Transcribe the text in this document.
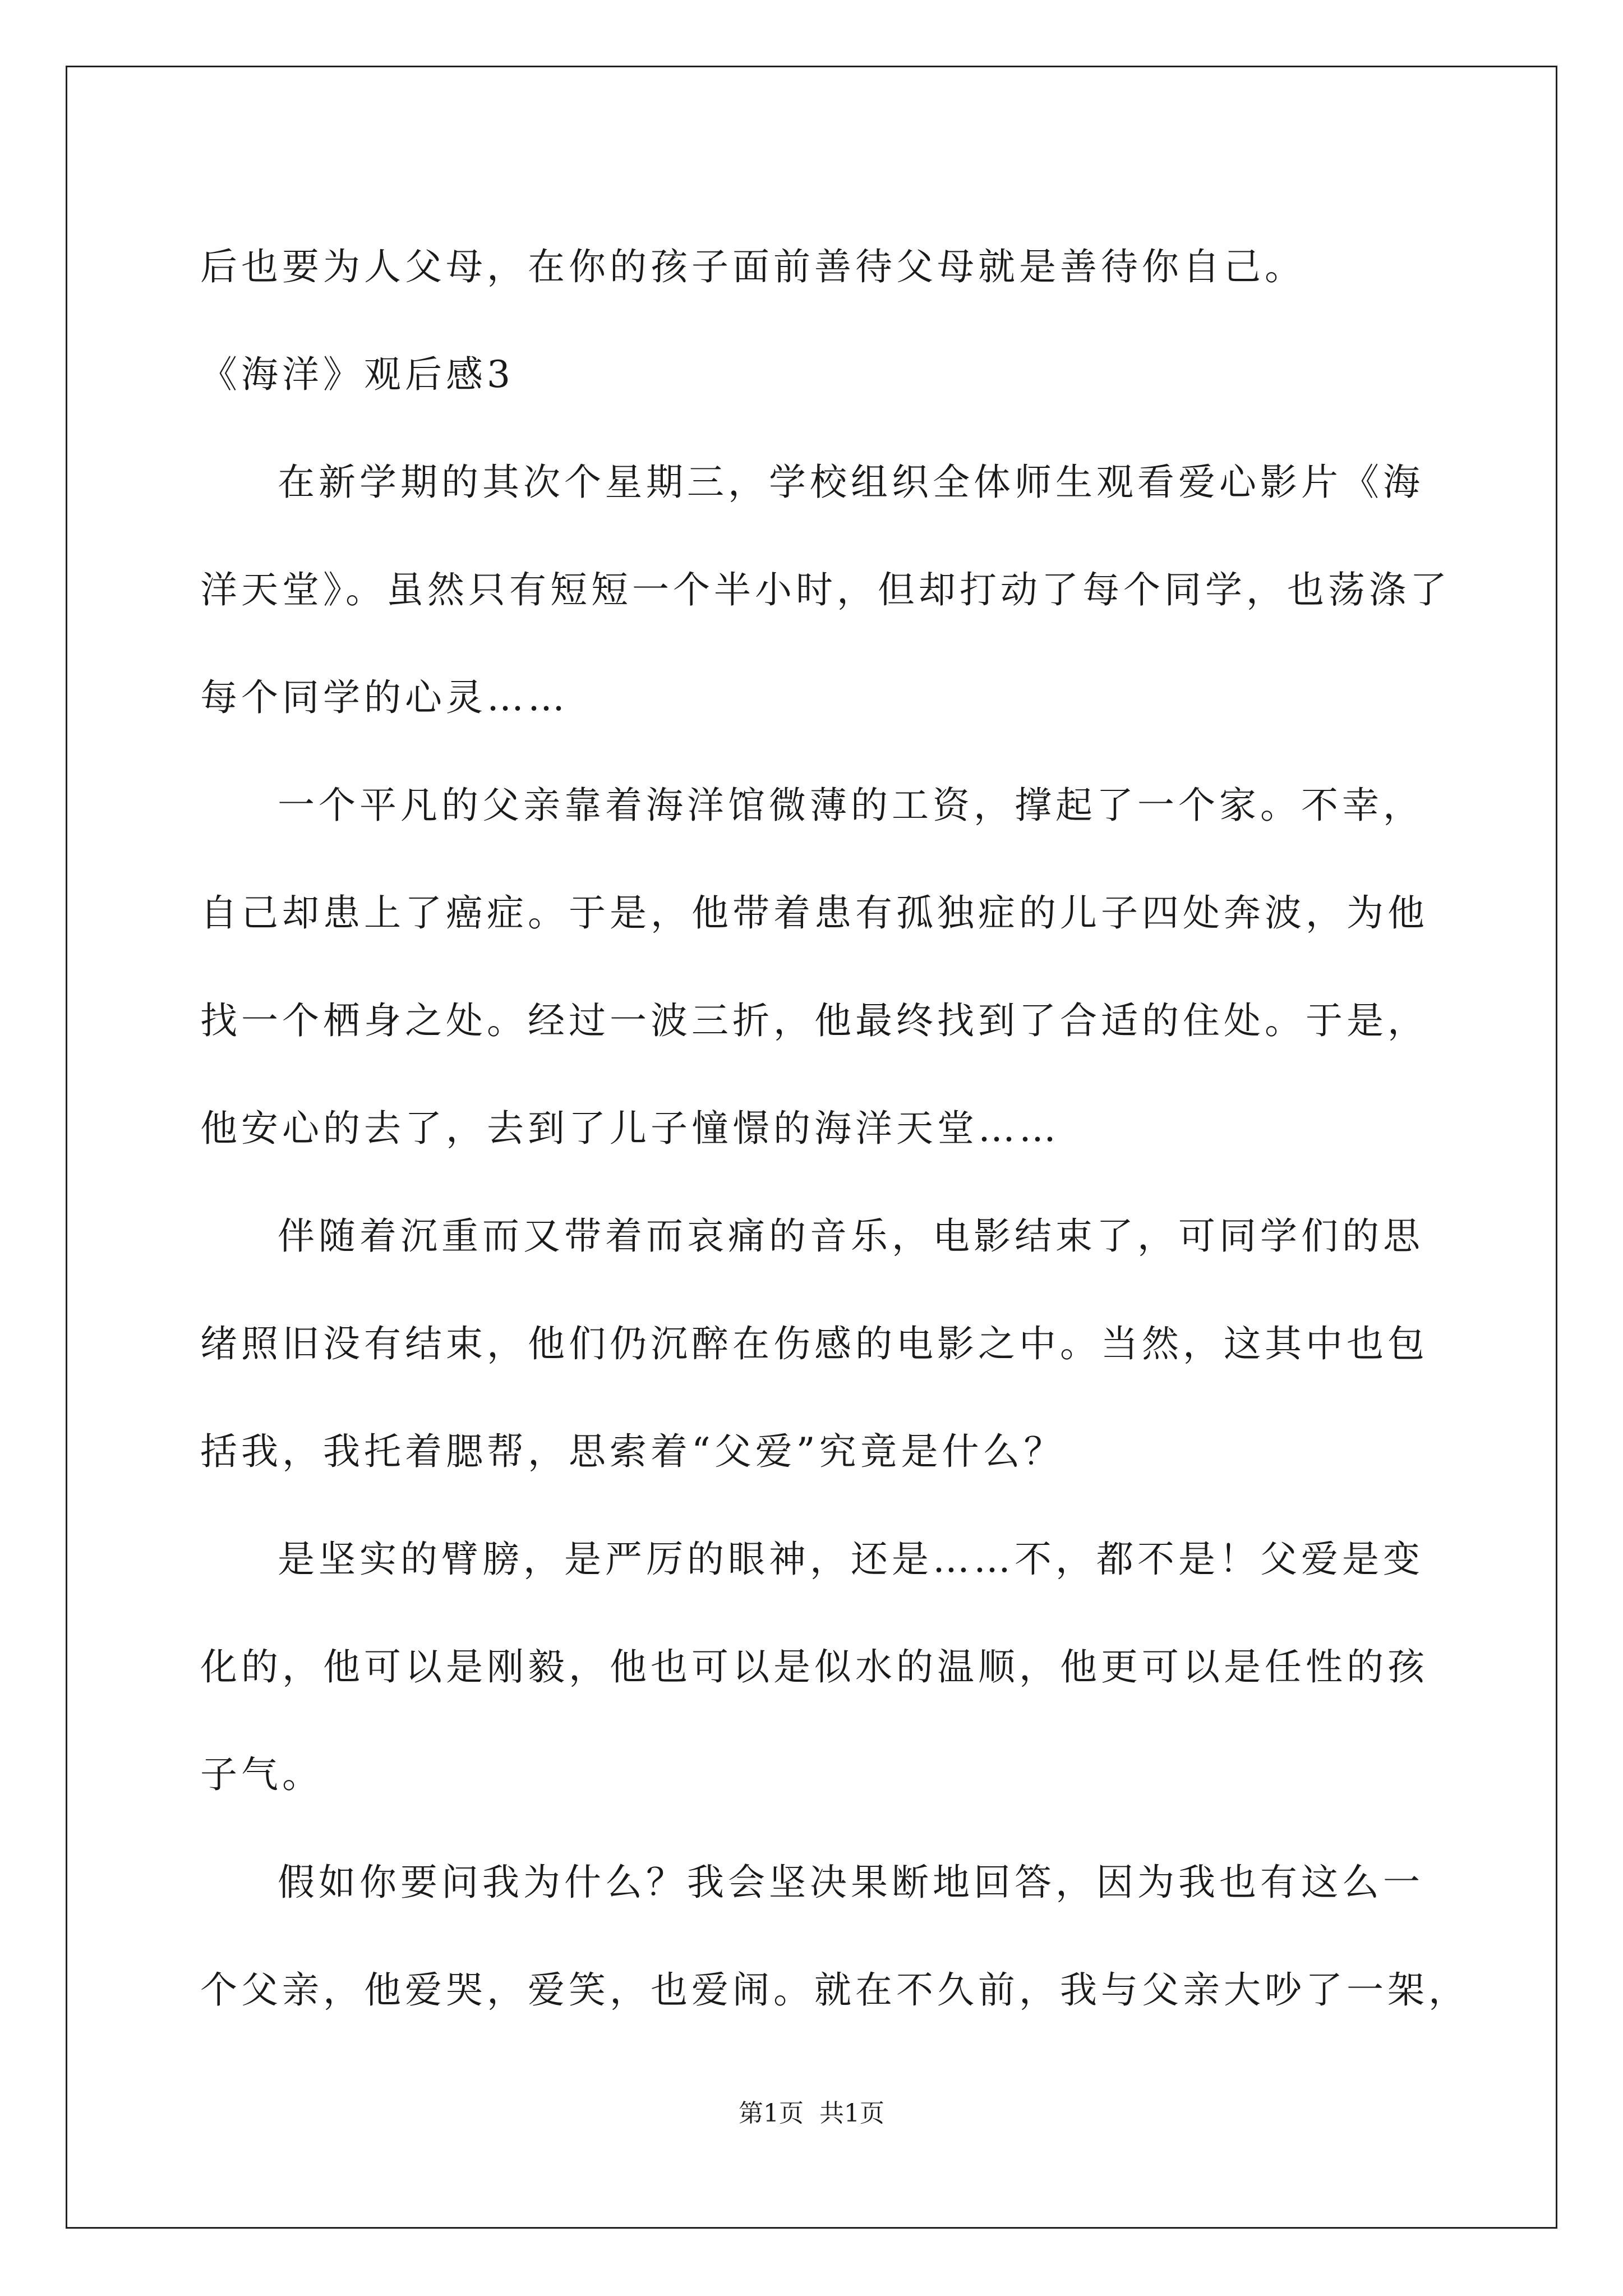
后也要为人父母，在你的孩子面前善待父母就是善待你自己。
《海洋》观后感3
在新学期的其次个星期三，学校组织全体师生观看爱心影片《海
洋天堂》。虽然只有短短一个半小时，但却打动了每个同学，也荡涤了
每个同学的心灵……
一个平凡的父亲靠着海洋馆微薄的工资，撑起了一个家。不幸，
自己却患上了癌症。于是，他带着患有孤独症的儿子四处奔波，为他
找一个栖身之处。经过一波三折，他最终找到了合适的住处。于是，
他安心的去了，去到了儿子憧憬的海洋天堂……
伴随着沉重而又带着而哀痛的音乐，电影结束了，可同学们的思
绪照旧没有结束，他们仍沉醉在伤感的电影之中。当然，这其中也包
括我，我托着腮帮，思索着“父爱”究竟是什么？
是坚实的臂膀，是严厉的眼神，还是……不，都不是！父爱是变
化的，他可以是刚毅，他也可以是似水的温顺，他更可以是任性的孩
子气。
假如你要问我为什么？我会坚决果断地回答，因为我也有这么一
个父亲，他爱哭，爱笑，也爱闹。就在不久前，我与父亲大吵了一架，
第1页 共1页
